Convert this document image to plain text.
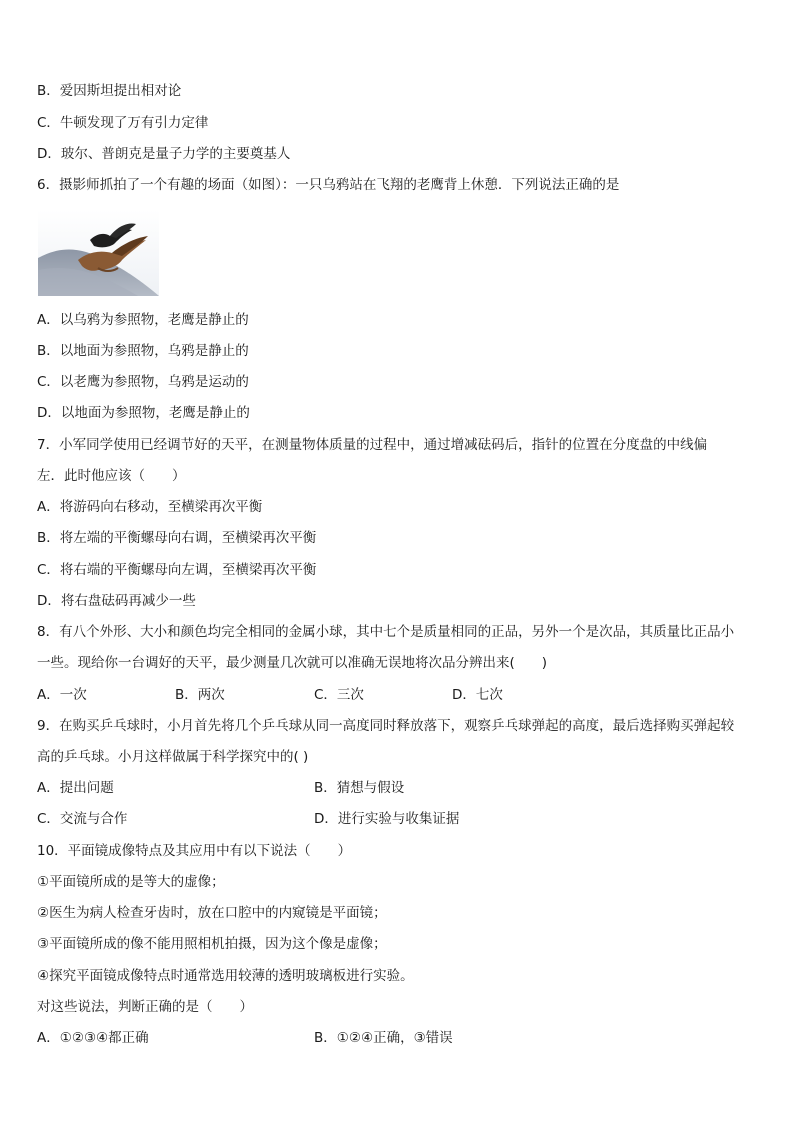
B．爱因斯坦提出相对论
C．牛顿发现了万有引力定律
D．玻尔、普朗克是量子力学的主要奠基人
6．摄影师抓拍了一个有趣的场面（如图）：一只乌鸦站在飞翔的老鹰背上休憩．下列说法正确的是
A．以乌鸦为参照物，老鹰是静止的
B．以地面为参照物，乌鸦是静止的
C．以老鹰为参照物，乌鸦是运动的
D．以地面为参照物，老鹰是静止的
7．小军同学使用已经调节好的天平，在测量物体质量的过程中，通过增减砝码后，指针的位置在分度盘的中线偏
左．此时他应该（　　）
A．将游码向右移动，至横梁再次平衡
B．将左端的平衡螺母向右调，至横梁再次平衡
C．将右端的平衡螺母向左调，至横梁再次平衡
D．将右盘砝码再减少一些
8．有八个外形、大小和颜色均完全相同的金属小球，其中七个是质量相同的正品，另外一个是次品，其质量比正品小
一些。现给你一台调好的天平，最少测量几次就可以准确无误地将次品分辨出来(　　)
A．一次	B．两次	C．三次	D．七次
9．在购买乒乓球时，小月首先将几个乒乓球从同一高度同时释放落下，观察乒乓球弹起的高度，最后选择购买弹起较
高的乒乓球。小月这样做属于科学探究中的( )
A．提出问题	B．猜想与假设
C．交流与合作	D．进行实验与收集证据
10．平面镜成像特点及其应用中有以下说法（　　）
①平面镜所成的是等大的虚像；
②医生为病人检查牙齿时，放在口腔中的内窥镜是平面镜；
③平面镜所成的像不能用照相机拍摄，因为这个像是虚像；
④探究平面镜成像特点时通常选用较薄的透明玻璃板进行实验。
对这些说法，判断正确的是（　　）
A．①②③④都正确	B．①②④正确，③错误
